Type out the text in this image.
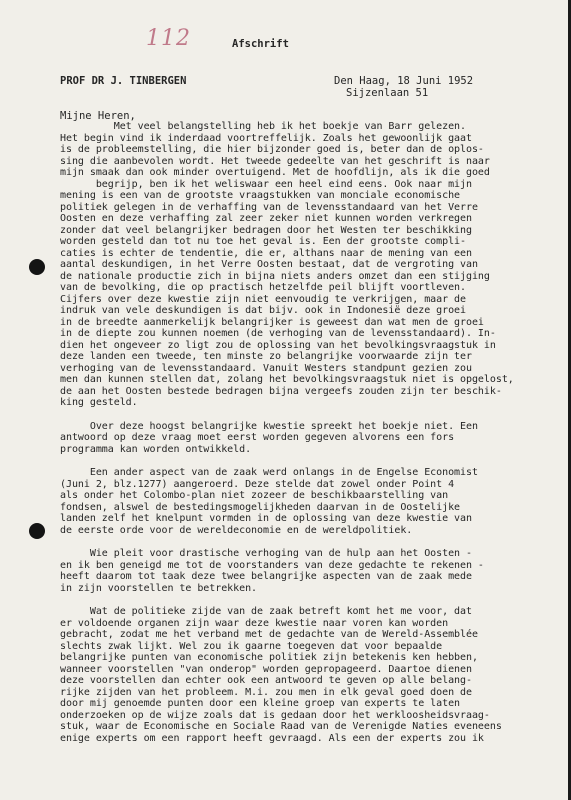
112	Afschrift
PROF DR J. TINBERGEN	Den Haag, 18 Juni 1952
Sijzenlaan 51
Mijne Heren,

Met veel belangstelling heb ik het boekje van Barr gelezen.
Het begin vind ik inderdaad voortreffelijk. Zoals het gewoonlijk gaat
is de probleemstelling, die hier bijzonder goed is, beter dan de oplos-
sing die aanbevolen wordt. Het tweede gedeelte van het geschrift is naar
mijn smaak dan ook minder overtuigend. Met de hoofdlijn, als ik die goed
begrijp, ben ik het weliswaar een heel eind eens. Ook naar mijn
mening is een van de grootste vraagstukken van monciale economische
politiek gelegen in de verhaffing van de levensstandaard van het Verre
Oosten en deze verhaffing zal zeer zeker niet kunnen worden verkregen
zonder dat veel belangrijker bedragen door het Westen ter beschikking
worden gesteld dan tot nu toe het geval is. Een der grootste compli-
caties is echter de tendentie, die er, althans naar de mening van een
aantal deskundigen, in het Verre Oosten bestaat, dat de vergroting van
de nationale productie zich in bijna niets anders omzet dan een stijging
van de bevolking, die op practisch hetzelfde peil blijft voortleven.
Cijfers over deze kwestie zijn niet eenvoudig te verkrijgen, maar de
indruk van vele deskundigen is dat bijv. ook in Indonesië deze groei
in de breedte aanmerkelijk belangrijker is geweest dan wat men de groei
in de diepte zou kunnen noemen (de verhoging van de levensstandaard). In-
dien het ongeveer zo ligt zou de oplossing van het bevolkingsvraagstuk in
deze landen een tweede, ten minste zo belangrijke voorwaarde zijn ter
verhoging van de levensstandaard. Vanuit Westers standpunt gezien zou
men dan kunnen stellen dat, zolang het bevolkingsvraagstuk niet is opgelost,
de aan het Oosten bestede bedragen bijna vergeefs zouden zijn ter beschik-
king gesteld.

Over deze hoogst belangrijke kwestie spreekt het boekje niet. Een
antwoord op deze vraag moet eerst worden gegeven alvorens een fors
programma kan worden ontwikkeld.

Een ander aspect van de zaak werd onlangs in de Engelse Economist
(Juni 2, blz.1277) aangeroerd. Deze stelde dat zowel onder Point 4
als onder het Colombo-plan niet zozeer de beschikbaarstelling van
fondsen, alswel de bestedingsmogelijkheden daarvan in de Oostelijke
landen zelf het knelpunt vormden in de oplossing van deze kwestie van
de eerste orde voor de wereldeconomie en de wereldpolitiek.

Wie pleit voor drastische verhoging van de hulp aan het Oosten -
en ik ben geneigd me tot de voorstanders van deze gedachte te rekenen -
heeft daarom tot taak deze twee belangrijke aspecten van de zaak mede
in zijn voorstellen te betrekken.

Wat de politieke zijde van de zaak betreft komt het me voor, dat
er voldoende organen zijn waar deze kwestie naar voren kan worden
gebracht, zodat me het verband met de gedachte van de Wereld-Assemblée
slechts zwak lijkt. Wel zou ik gaarne toegeven dat voor bepaalde
belangrijke punten van economische politiek zijn betekenis ken hebben,
wanneer voorstellen "van onderop" worden gepropageerd. Daartoe dienen
deze voorstellen dan echter ook een antwoord te geven op alle belang-
rijke zijden van het probleem. M.i. zou men in elk geval goed doen de
door mij genoemde punten door een kleine groep van experts te laten
onderzoeken op de wijze zoals dat is gedaan door het werkloosheidsvraag-
stuk, waar de Economische en Sociale Raad van de Verenigde Naties eveneens
enige experts om een rapport heeft gevraagd. Als een der experts zou ik
